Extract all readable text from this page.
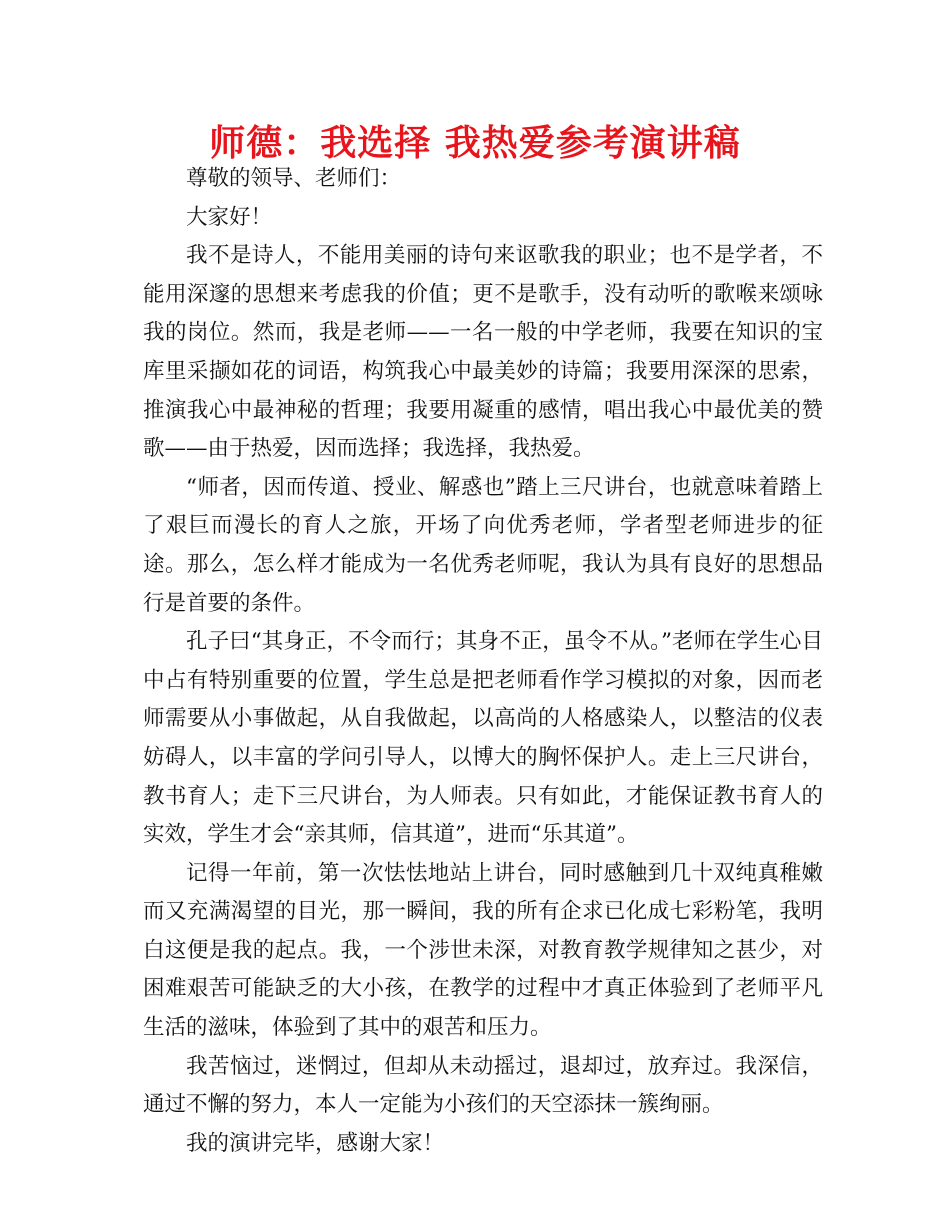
师德：我选择 我热爱参考演讲稿

尊敬的领导、老师们：

大家好！

我不是诗人，不能用美丽的诗句来讴歌我的职业；也不是学者，不能用深邃的思想来考虑我的价值；更不是歌手，没有动听的歌喉来颂咏我的岗位。然而，我是老师——一名一般的中学老师，我要在知识的宝库里采撷如花的词语，构筑我心中最美妙的诗篇；我要用深深的思索，推演我心中最神秘的哲理；我要用凝重的感情，唱出我心中最优美的赞歌——由于热爱，因而选择；我选择，我热爱。

“师者，因而传道、授业、解惑也”踏上三尺讲台，也就意味着踏上了艰巨而漫长的育人之旅，开场了向优秀老师，学者型老师进步的征途。那么，怎么样才能成为一名优秀老师呢，我认为具有良好的思想品行是首要的条件。

孔子曰“其身正，不令而行；其身不正，虽令不从。”老师在学生心目中占有特别重要的位置，学生总是把老师看作学习模拟的对象，因而老师需要从小事做起，从自我做起，以高尚的人格感染人，以整洁的仪表妨碍人，以丰富的学问引导人，以博大的胸怀保护人。走上三尺讲台，教书育人；走下三尺讲台，为人师表。只有如此，才能保证教书育人的实效，学生才会“亲其师，信其道”，进而“乐其道”。

记得一年前，第一次怯怯地站上讲台，同时感触到几十双纯真稚嫩而又充满渴望的目光，那一瞬间，我的所有企求已化成七彩粉笔，我明白这便是我的起点。我，一个涉世未深，对教育教学规律知之甚少，对困难艰苦可能缺乏的大小孩，在教学的过程中才真正体验到了老师平凡生活的滋味，体验到了其中的艰苦和压力。

我苦恼过，迷惘过，但却从未动摇过，退却过，放弃过。我深信，通过不懈的努力，本人一定能为小孩们的天空添抹一簇绚丽。

我的演讲完毕，感谢大家！
